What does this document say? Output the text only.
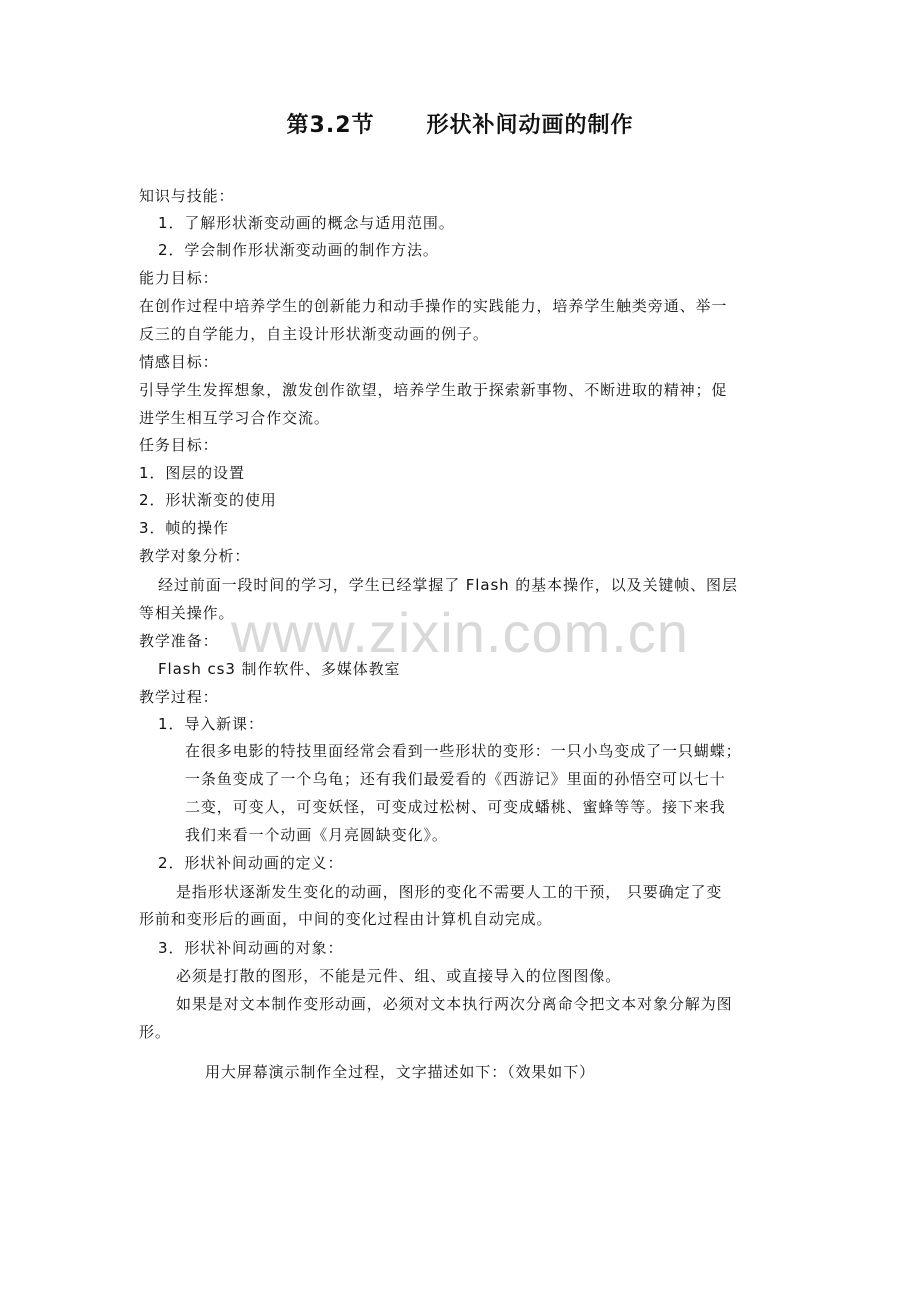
第3.2节      形状补间动画的制作
www.zixin.com.cn
知识与技能：
1．了解形状渐变动画的概念与适用范围。
2．学会制作形状渐变动画的制作方法。
能力目标：
在创作过程中培养学生的创新能力和动手操作的实践能力，培养学生触类旁通、举一
反三的自学能力，自主设计形状渐变动画的例子。
情感目标：
引导学生发挥想象，激发创作欲望，培养学生敢于探索新事物、不断进取的精神；促
进学生相互学习合作交流。
任务目标：
1．图层的设置
2．形状渐变的使用
3．帧的操作
教学对象分析：
经过前面一段时间的学习，学生已经掌握了 Flash 的基本操作，以及关键帧、图层
等相关操作。
教学准备：
Flash cs3 制作软件、多媒体教室
教学过程：
1．导入新课：
在很多电影的特技里面经常会看到一些形状的变形：一只小鸟变成了一只蝴蝶；
一条鱼变成了一个乌龟；还有我们最爱看的《西游记》里面的孙悟空可以七十
二变，可变人，可变妖怪，可变成过松树、可变成蟠桃、蜜蜂等等。接下来我
我们来看一个动画《月亮圆缺变化》。
2．形状补间动画的定义：
是指形状逐渐发生变化的动画，图形的变化不需要人工的干预， 只要确定了变
形前和变形后的画面，中间的变化过程由计算机自动完成。
3．形状补间动画的对象：
必须是打散的图形，不能是元件、组、或直接导入的位图图像。
如果是对文本制作变形动画，必须对文本执行两次分离命令把文本对象分解为图
形。
用大屏幕演示制作全过程，文字描述如下：（效果如下）
